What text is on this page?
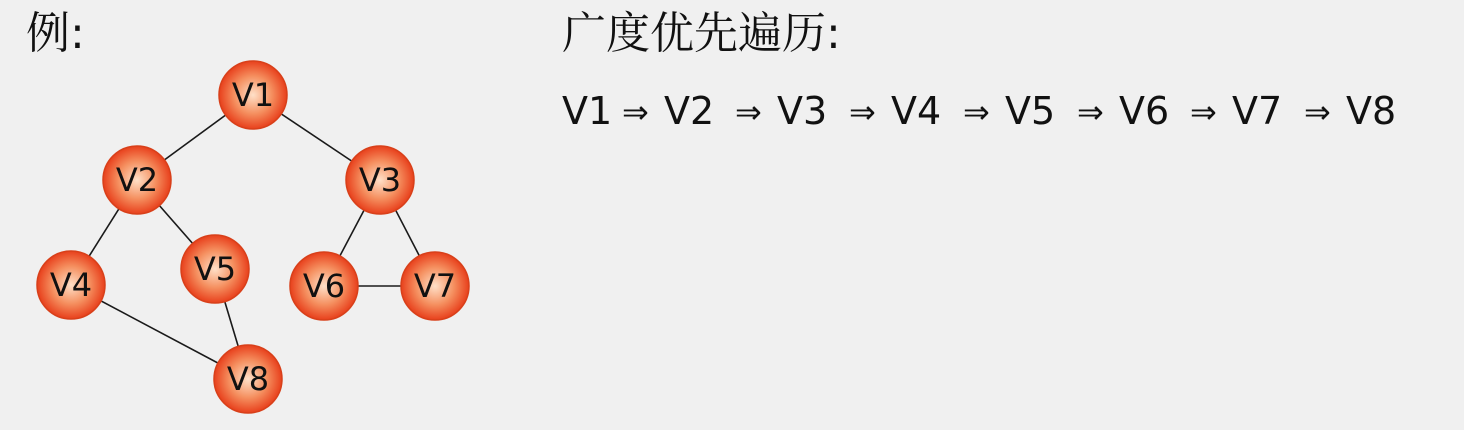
例:
V1
V2	V3
V4	V5 V6 V7
V8
广度优先遍历:
V1 ⇒ V2 ⇒ V3 ⇒ V4 ⇒ V5 ⇒ V6 ⇒ V7 ⇒ V8
